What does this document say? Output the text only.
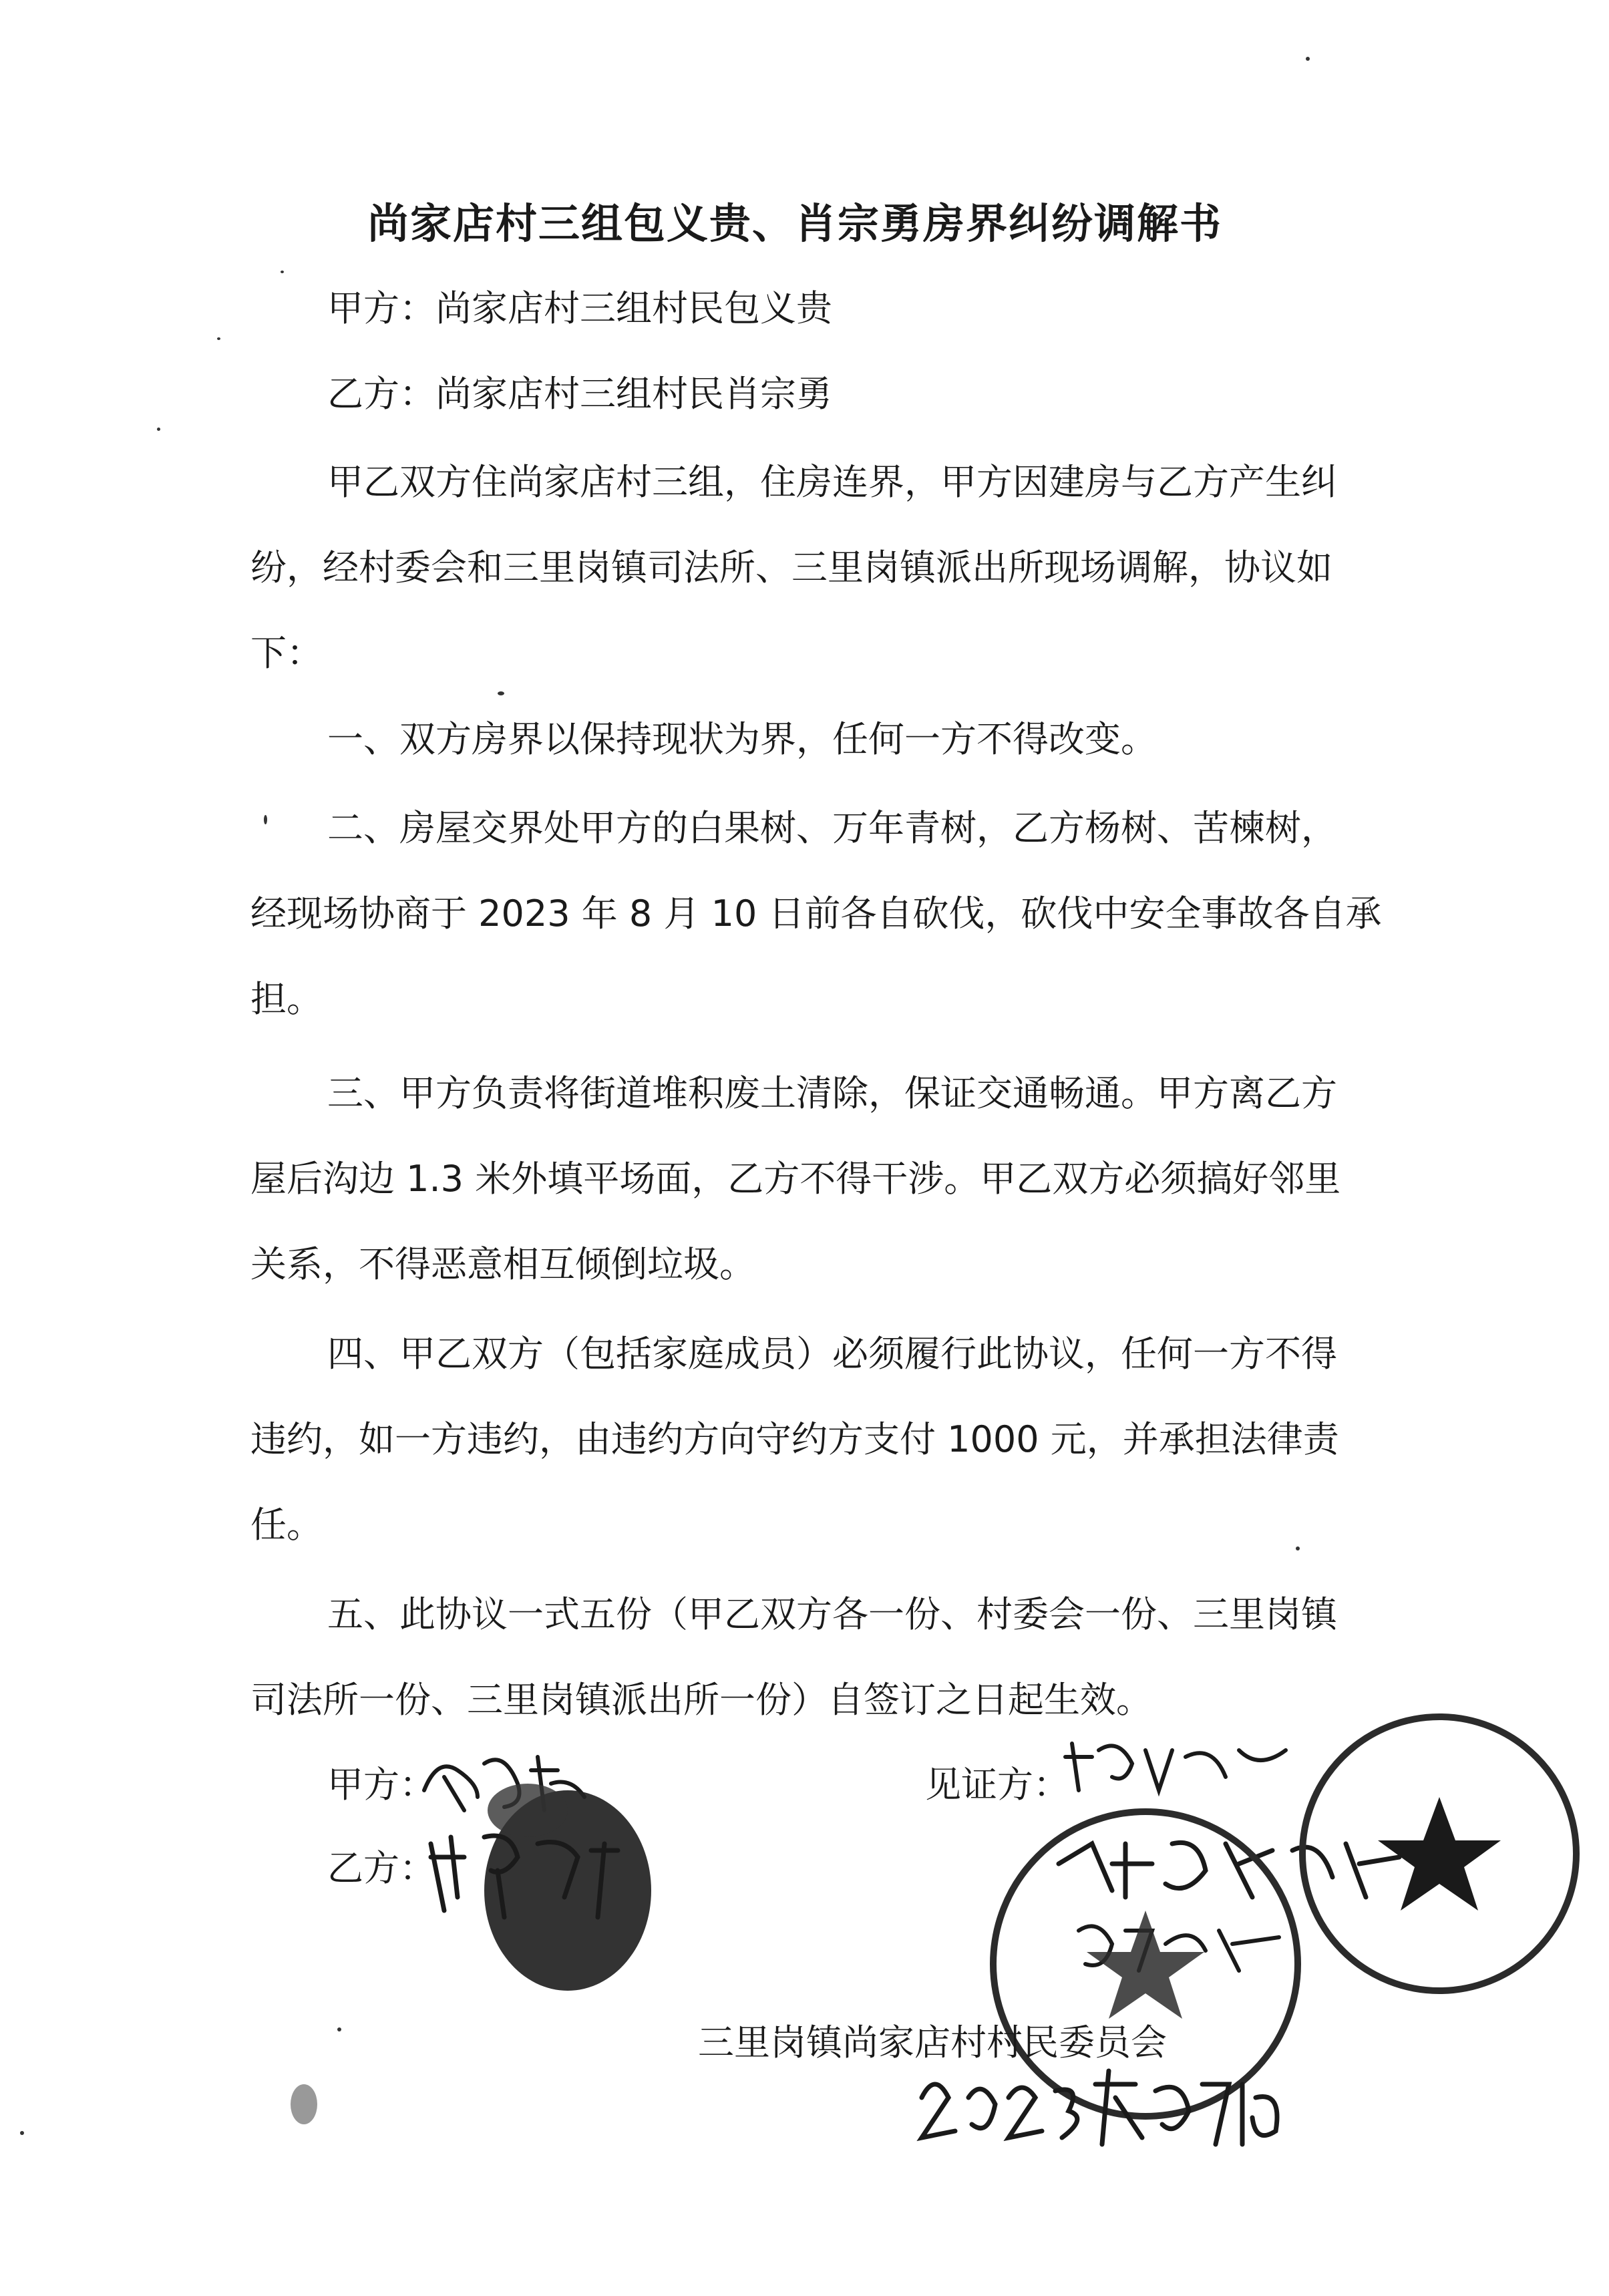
尚家店村三组包义贵、肖宗勇房界纠纷调解书
甲方：尚家店村三组村民包义贵
乙方：尚家店村三组村民肖宗勇
甲乙双方住尚家店村三组，住房连界，甲方因建房与乙方产生纠
纷，经村委会和三里岗镇司法所、三里岗镇派出所现场调解，协议如
下：
一、双方房界以保持现状为界，任何一方不得改变。
二、房屋交界处甲方的白果树、万年青树，乙方杨树、苦楝树，
经现场协商于 2023 年 8 月 10 日前各自砍伐，砍伐中安全事故各自承
担。
三、甲方负责将街道堆积废土清除，保证交通畅通。甲方离乙方
屋后沟边 1.3 米外填平场面，乙方不得干涉。甲乙双方必须搞好邻里
关系，不得恶意相互倾倒垃圾。
四、甲乙双方（包括家庭成员）必须履行此协议，任何一方不得
违约，如一方违约，由违约方向守约方支付 1000 元，并承担法律责
任。
五、此协议一式五份（甲乙双方各一份、村委会一份、三里岗镇
司法所一份、三里岗镇派出所一份）自签订之日起生效。
甲方：
乙方：
见证方：
三里岗镇尚家店村村民委员会
